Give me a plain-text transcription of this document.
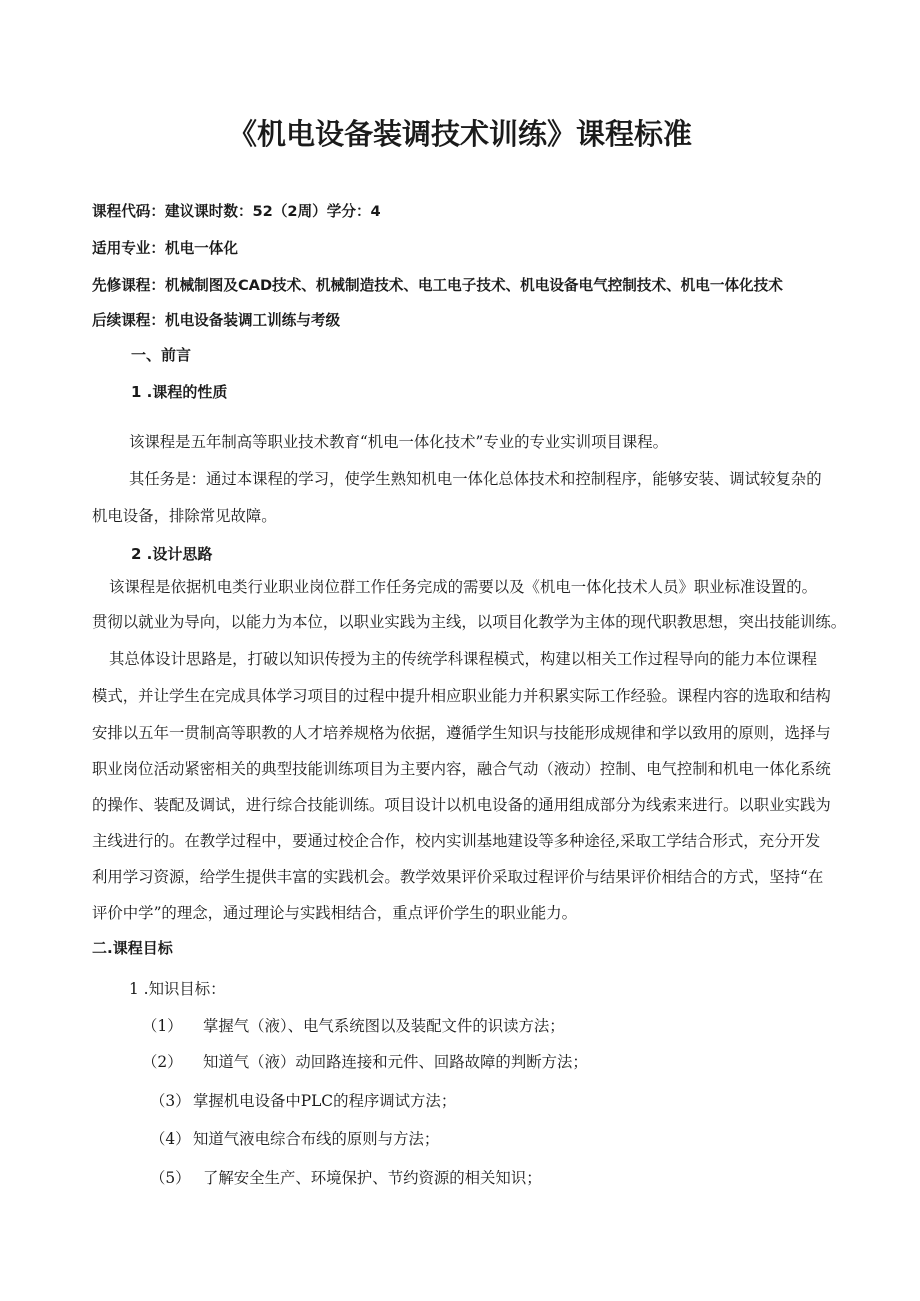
《机电设备装调技术训练》课程标准
课程代码：建议课时数：52（2周）学分：4
适用专业：机电一体化
先修课程：机械制图及CAD技术、机械制造技术、电工电子技术、机电设备电气控制技术、机电一体化技术
后续课程：机电设备装调工训练与考级
一、前言
1 .课程的性质
该课程是五年制高等职业技术教育“机电一体化技术”专业的专业实训项目课程。
其任务是：通过本课程的学习，使学生熟知机电一体化总体技术和控制程序，能够安装、调试较复杂的
机电设备，排除常见故障。
2 .设计思路
该课程是依据机电类行业职业岗位群工作任务完成的需要以及《机电一体化技术人员》职业标准设置的。
贯彻以就业为导向，以能力为本位，以职业实践为主线，以项目化教学为主体的现代职教思想，突出技能训练。
其总体设计思路是，打破以知识传授为主的传统学科课程模式，构建以相关工作过程导向的能力本位课程
模式，并让学生在完成具体学习项目的过程中提升相应职业能力并积累实际工作经验。课程内容的选取和结构
安排以五年一贯制高等职教的人才培养规格为依据，遵循学生知识与技能形成规律和学以致用的原则，选择与
职业岗位活动紧密相关的典型技能训练项目为主要内容，融合气动（液动）控制、电气控制和机电一体化系统
的操作、装配及调试，进行综合技能训练。项目设计以机电设备的通用组成部分为线索来进行。以职业实践为
主线进行的。在教学过程中，要通过校企合作，校内实训基地建设等多种途径,采取工学结合形式，充分开发
利用学习资源，给学生提供丰富的实践机会。教学效果评价采取过程评价与结果评价相结合的方式，坚持“在
评价中学”的理念，通过理论与实践相结合，重点评价学生的职业能力。
二.课程目标
1 .知识目标：
（1） 掌握气（液）、电气系统图以及装配文件的识读方法；
（2） 知道气（液）动回路连接和元件、回路故障的判断方法；
（3） 掌握机电设备中PLC的程序调试方法；
（4） 知道气液电综合布线的原则与方法；
（5） 了解安全生产、环境保护、节约资源的相关知识；
